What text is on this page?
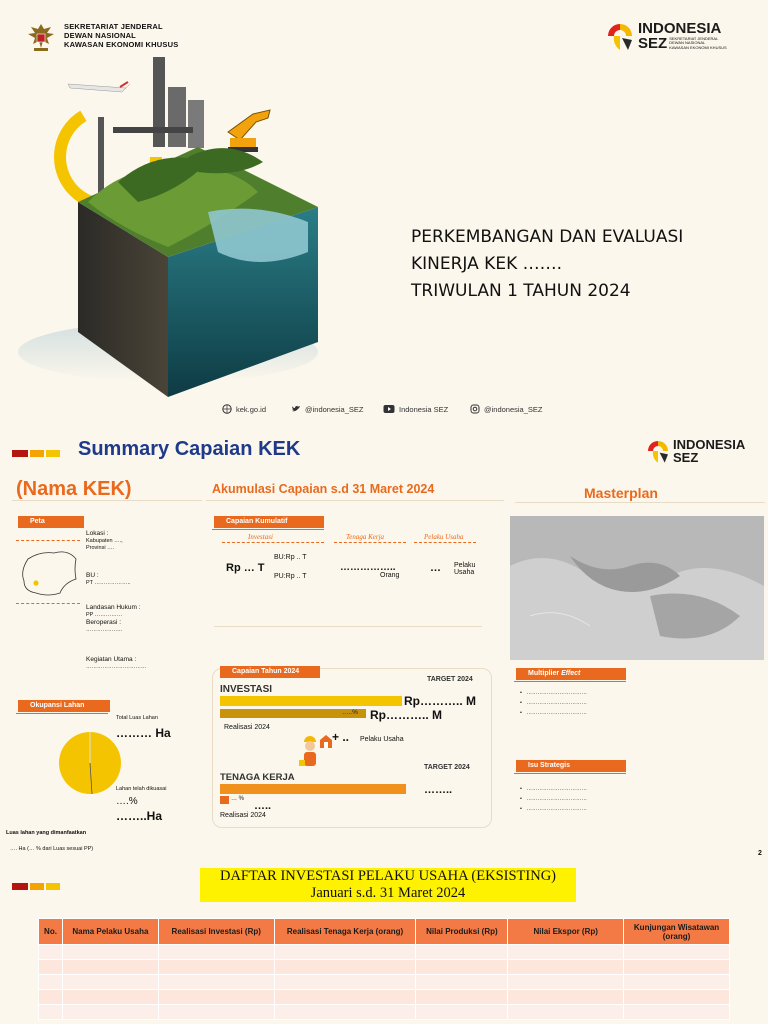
SEKRETARIAT JENDERAL
DEWAN NASIONAL
KAWASAN EKONOMI KHUSUS
INDONESIA
SEZ SEKRETARIAT JENDERAL
DEWAN NASIONAL
KAWASAN EKONOMI KHUSUS
PERKEMBANGAN DAN EVALUASI
KINERJA KEK …….
TRIWULAN 1 TAHUN 2024
kek.go.id	@indonesia_SEZ	Indonesia SEZ	@indonesia_SEZ
Summary Capaian KEK	INDONESIA
SEZ
(Nama KEK)	Akumulasi Capaian s.d 31 Maret 2024	Masterplan
Peta
Lokasi :
Kabupaten ….,
Provinsi ….
BU :
PT ………………..
Landasan Hukum :
PP ……………
Beroperasi :
………………..
Kegiatan Utama :
……………………………
Okupansi Lahan
Total Luas Lahan
……… Ha
Lahan telah dikuasai
….%
……..Ha
Luas lahan yang dimanfaatkan
…. Ha (… % dari Luas sesuai PP)
Capaian Kumulatif
Investasi	Tenaga Kerja	Pelaku Usaha
Rp … T
BU:Rp .. T
PU:Rp .. T
……………..
Orang
… Pelaku
Usaha
Capaian Tahun 2024
INVESTASI
TARGET 2024
Rp……….. M
…..% Rp……….. M
Realisasi 2024
+ .. Pelaku Usaha
TENAGA KERJA
TARGET 2024
……..
… %
…..
Realisasi 2024
Multiplier Effect
•   ……………………………
•   ……………………………
•   ……………………………
Isu Strategis
•   ……………………………
•   ……………………………
•   ……………………………
2
DAFTAR INVESTASI PELAKU USAHA (EKSISTING)
Januari s.d. 31 Maret 2024
No.	Nama Pelaku Usaha	Realisasi Investasi (Rp)	Realisasi Tenaga Kerja (orang)	Nilai Produksi (Rp)	Nilai Ekspor (Rp)	Kunjungan Wisatawan (orang)
